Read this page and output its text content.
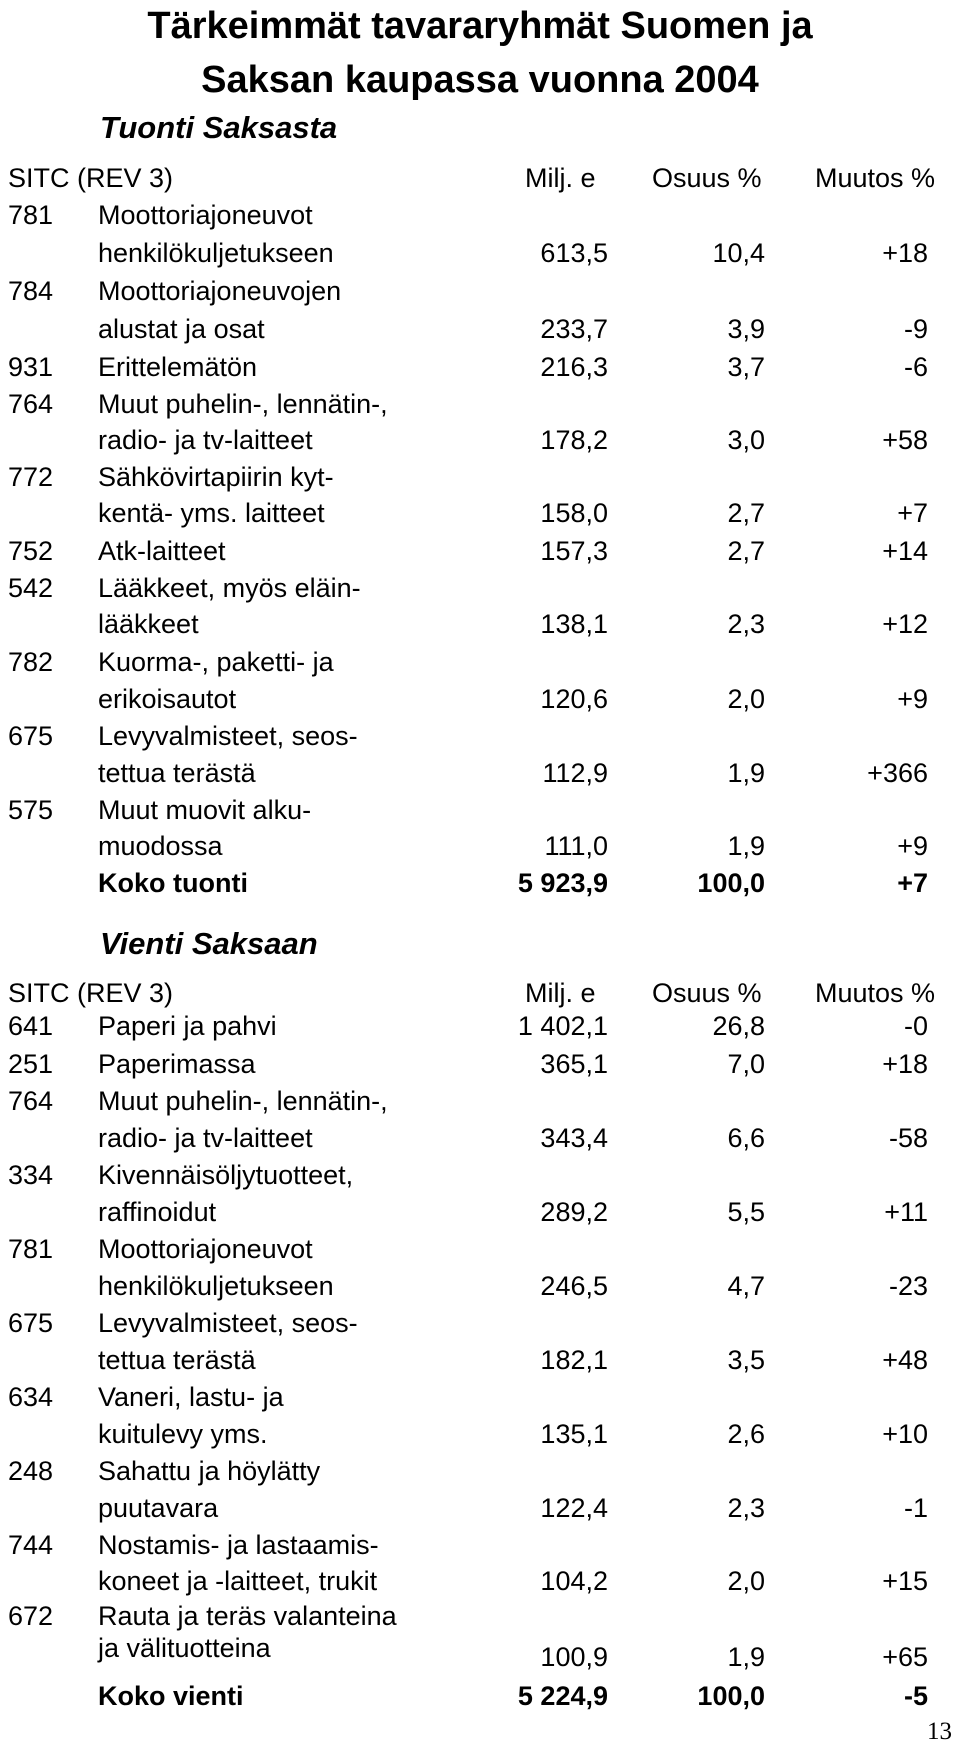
Tärkeimmät tavararyhmät Suomen ja
Saksan kaupassa vuonna 2004
Tuonti Saksasta
SITC (REV 3)	Milj. e Osuus % Muutos %
781 Moottoriajoneuvot
henkilökuljetukseen	613,5	10,4	+18
784 Moottoriajoneuvojen
alustat ja osat	233,7	3,9	-9
931 Erittelemätön	216,3	3,7	-6
764 Muut puhelin-, lennätin-,
radio- ja tv-laitteet	178,2	3,0	+58
772 Sähkövirtapiirin kyt-
kentä- yms. laitteet	158,0	2,7	+7
752 Atk-laitteet	157,3	2,7	+14
542 Lääkkeet, myös eläin-
lääkkeet	138,1	2,3	+12
782 Kuorma-, paketti- ja
erikoisautot	120,6	2,0	+9
675 Levyvalmisteet, seos-
tettua terästä	112,9	1,9	+366
575 Muut muovit alku-
muodossa	111,0	1,9	+9
Koko tuonti	5 923,9	100,0	+7
Vienti Saksaan
SITC (REV 3)	Milj. e Osuus % Muutos %
641 Paperi ja pahvi	1 402,1	26,8	-0
251 Paperimassa	365,1	7,0	+18
764 Muut puhelin-, lennätin-,
radio- ja tv-laitteet	343,4	6,6	-58
334 Kivennäisöljytuotteet,
raffinoidut	289,2	5,5	+11
781 Moottoriajoneuvot
henkilökuljetukseen	246,5	4,7	-23
675 Levyvalmisteet, seos-
tettua terästä	182,1	3,5	+48
634 Vaneri, lastu- ja
kuitulevy yms.	135,1	2,6	+10
248 Sahattu ja höylätty
puutavara	122,4	2,3	-1
744 Nostamis- ja lastaamis-
koneet ja -laitteet, trukit	104,2	2,0	+15
672 Rauta ja teräs valanteina
ja välituotteina	100,9	1,9	+65
Koko vienti	5 224,9	100,0	-5
13
